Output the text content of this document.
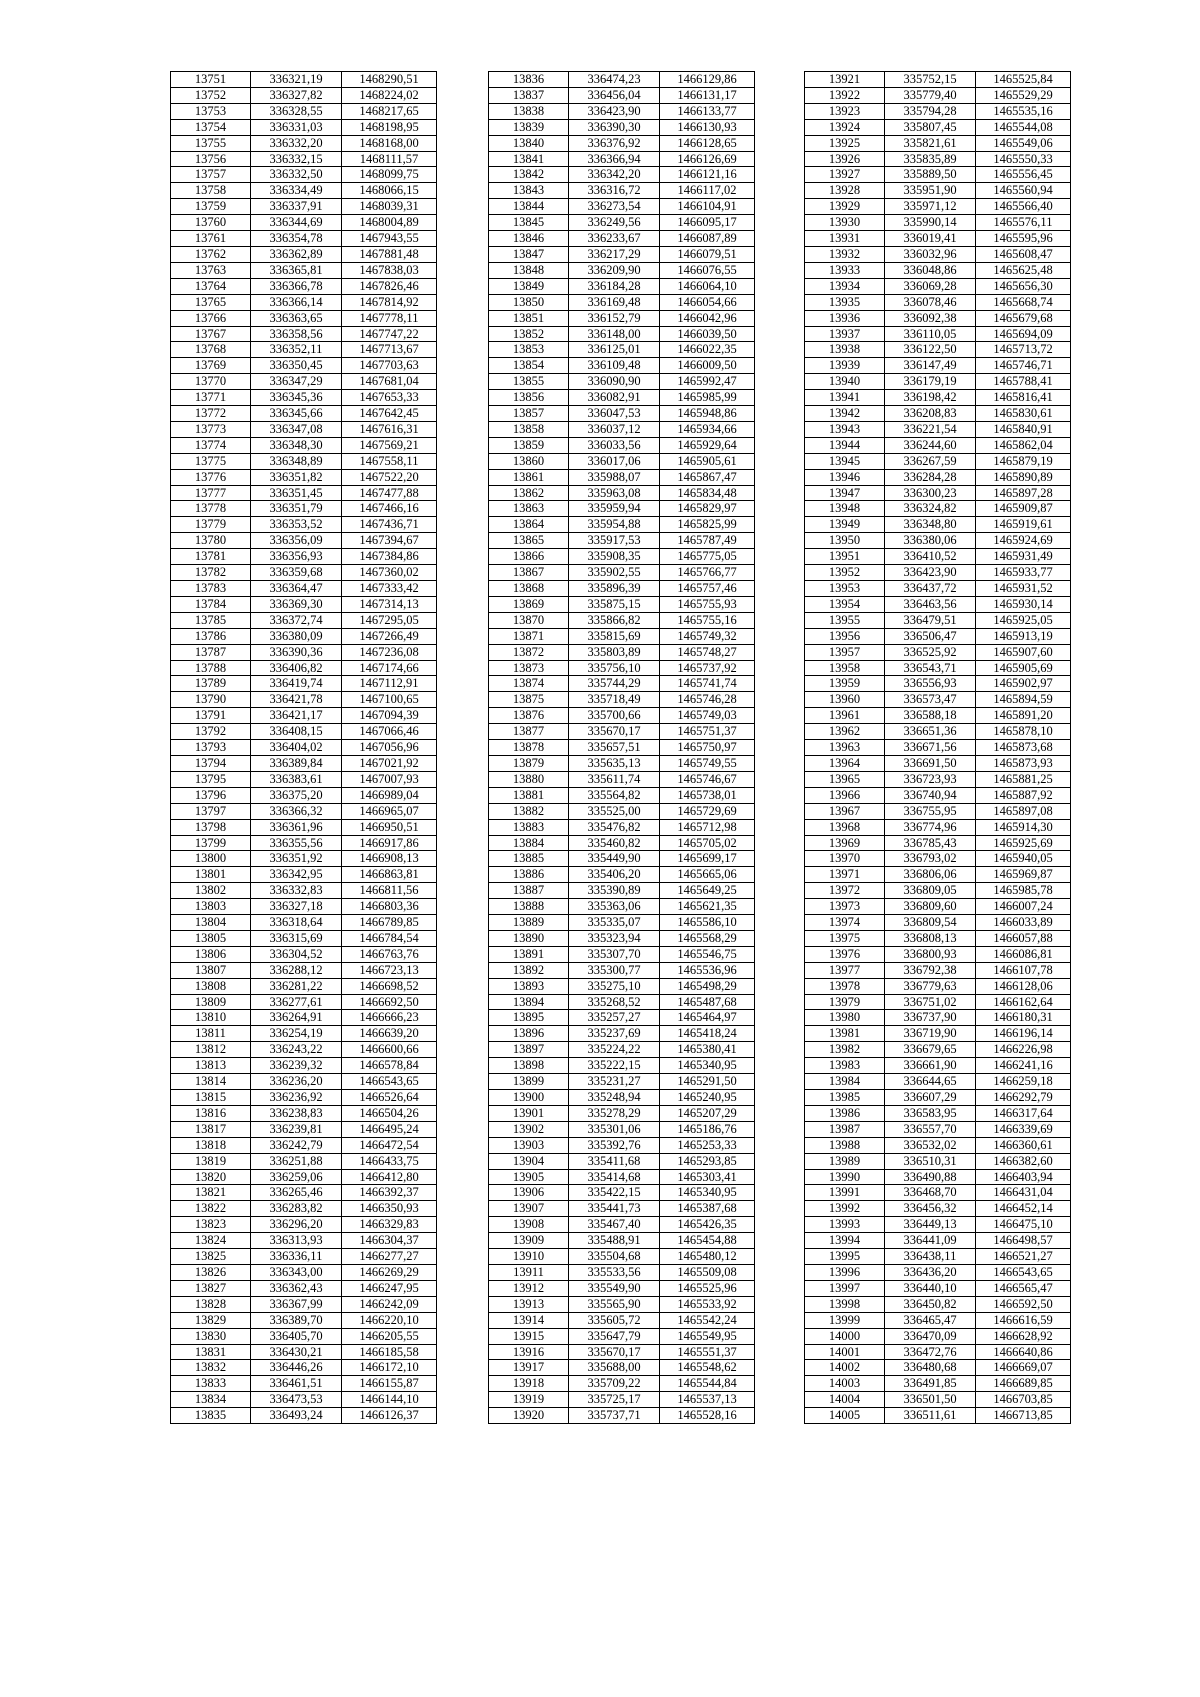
13751	336321,19	1468290,51
13752	336327,82	1468224,02
13753	336328,55	1468217,65
13754	336331,03	1468198,95
13755	336332,20	1468168,00
13756	336332,15	1468111,57
13757	336332,50	1468099,75
13758	336334,49	1468066,15
13759	336337,91	1468039,31
13760	336344,69	1468004,89
13761	336354,78	1467943,55
13762	336362,89	1467881,48
13763	336365,81	1467838,03
13764	336366,78	1467826,46
13765	336366,14	1467814,92
13766	336363,65	1467778,11
13767	336358,56	1467747,22
13768	336352,11	1467713,67
13769	336350,45	1467703,63
13770	336347,29	1467681,04
13771	336345,36	1467653,33
13772	336345,66	1467642,45
13773	336347,08	1467616,31
13774	336348,30	1467569,21
13775	336348,89	1467558,11
13776	336351,82	1467522,20
13777	336351,45	1467477,88
13778	336351,79	1467466,16
13779	336353,52	1467436,71
13780	336356,09	1467394,67
13781	336356,93	1467384,86
13782	336359,68	1467360,02
13783	336364,47	1467333,42
13784	336369,30	1467314,13
13785	336372,74	1467295,05
13786	336380,09	1467266,49
13787	336390,36	1467236,08
13788	336406,82	1467174,66
13789	336419,74	1467112,91
13790	336421,78	1467100,65
13791	336421,17	1467094,39
13792	336408,15	1467066,46
13793	336404,02	1467056,96
13794	336389,84	1467021,92
13795	336383,61	1467007,93
13796	336375,20	1466989,04
13797	336366,32	1466965,07
13798	336361,96	1466950,51
13799	336355,56	1466917,86
13800	336351,92	1466908,13
13801	336342,95	1466863,81
13802	336332,83	1466811,56
13803	336327,18	1466803,36
13804	336318,64	1466789,85
13805	336315,69	1466784,54
13806	336304,52	1466763,76
13807	336288,12	1466723,13
13808	336281,22	1466698,52
13809	336277,61	1466692,50
13810	336264,91	1466666,23
13811	336254,19	1466639,20
13812	336243,22	1466600,66
13813	336239,32	1466578,84
13814	336236,20	1466543,65
13815	336236,92	1466526,64
13816	336238,83	1466504,26
13817	336239,81	1466495,24
13818	336242,79	1466472,54
13819	336251,88	1466433,75
13820	336259,06	1466412,80
13821	336265,46	1466392,37
13822	336283,82	1466350,93
13823	336296,20	1466329,83
13824	336313,93	1466304,37
13825	336336,11	1466277,27
13826	336343,00	1466269,29
13827	336362,43	1466247,95
13828	336367,99	1466242,09
13829	336389,70	1466220,10
13830	336405,70	1466205,55
13831	336430,21	1466185,58
13832	336446,26	1466172,10
13833	336461,51	1466155,87
13834	336473,53	1466144,10
13835	336493,24	1466126,37
13836	336474,23	1466129,86
13837	336456,04	1466131,17
13838	336423,90	1466133,77
13839	336390,30	1466130,93
13840	336376,92	1466128,65
13841	336366,94	1466126,69
13842	336342,20	1466121,16
13843	336316,72	1466117,02
13844	336273,54	1466104,91
13845	336249,56	1466095,17
13846	336233,67	1466087,89
13847	336217,29	1466079,51
13848	336209,90	1466076,55
13849	336184,28	1466064,10
13850	336169,48	1466054,66
13851	336152,79	1466042,96
13852	336148,00	1466039,50
13853	336125,01	1466022,35
13854	336109,48	1466009,50
13855	336090,90	1465992,47
13856	336082,91	1465985,99
13857	336047,53	1465948,86
13858	336037,12	1465934,66
13859	336033,56	1465929,64
13860	336017,06	1465905,61
13861	335988,07	1465867,47
13862	335963,08	1465834,48
13863	335959,94	1465829,97
13864	335954,88	1465825,99
13865	335917,53	1465787,49
13866	335908,35	1465775,05
13867	335902,55	1465766,77
13868	335896,39	1465757,46
13869	335875,15	1465755,93
13870	335866,82	1465755,16
13871	335815,69	1465749,32
13872	335803,89	1465748,27
13873	335756,10	1465737,92
13874	335744,29	1465741,74
13875	335718,49	1465746,28
13876	335700,66	1465749,03
13877	335670,17	1465751,37
13878	335657,51	1465750,97
13879	335635,13	1465749,55
13880	335611,74	1465746,67
13881	335564,82	1465738,01
13882	335525,00	1465729,69
13883	335476,82	1465712,98
13884	335460,82	1465705,02
13885	335449,90	1465699,17
13886	335406,20	1465665,06
13887	335390,89	1465649,25
13888	335363,06	1465621,35
13889	335335,07	1465586,10
13890	335323,94	1465568,29
13891	335307,70	1465546,75
13892	335300,77	1465536,96
13893	335275,10	1465498,29
13894	335268,52	1465487,68
13895	335257,27	1465464,97
13896	335237,69	1465418,24
13897	335224,22	1465380,41
13898	335222,15	1465340,95
13899	335231,27	1465291,50
13900	335248,94	1465240,95
13901	335278,29	1465207,29
13902	335301,06	1465186,76
13903	335392,76	1465253,33
13904	335411,68	1465293,85
13905	335414,68	1465303,41
13906	335422,15	1465340,95
13907	335441,73	1465387,68
13908	335467,40	1465426,35
13909	335488,91	1465454,88
13910	335504,68	1465480,12
13911	335533,56	1465509,08
13912	335549,90	1465525,96
13913	335565,90	1465533,92
13914	335605,72	1465542,24
13915	335647,79	1465549,95
13916	335670,17	1465551,37
13917	335688,00	1465548,62
13918	335709,22	1465544,84
13919	335725,17	1465537,13
13920	335737,71	1465528,16
13921	335752,15	1465525,84
13922	335779,40	1465529,29
13923	335794,28	1465535,16
13924	335807,45	1465544,08
13925	335821,61	1465549,06
13926	335835,89	1465550,33
13927	335889,50	1465556,45
13928	335951,90	1465560,94
13929	335971,12	1465566,40
13930	335990,14	1465576,11
13931	336019,41	1465595,96
13932	336032,96	1465608,47
13933	336048,86	1465625,48
13934	336069,28	1465656,30
13935	336078,46	1465668,74
13936	336092,38	1465679,68
13937	336110,05	1465694,09
13938	336122,50	1465713,72
13939	336147,49	1465746,71
13940	336179,19	1465788,41
13941	336198,42	1465816,41
13942	336208,83	1465830,61
13943	336221,54	1465840,91
13944	336244,60	1465862,04
13945	336267,59	1465879,19
13946	336284,28	1465890,89
13947	336300,23	1465897,28
13948	336324,82	1465909,87
13949	336348,80	1465919,61
13950	336380,06	1465924,69
13951	336410,52	1465931,49
13952	336423,90	1465933,77
13953	336437,72	1465931,52
13954	336463,56	1465930,14
13955	336479,51	1465925,05
13956	336506,47	1465913,19
13957	336525,92	1465907,60
13958	336543,71	1465905,69
13959	336556,93	1465902,97
13960	336573,47	1465894,59
13961	336588,18	1465891,20
13962	336651,36	1465878,10
13963	336671,56	1465873,68
13964	336691,50	1465873,93
13965	336723,93	1465881,25
13966	336740,94	1465887,92
13967	336755,95	1465897,08
13968	336774,96	1465914,30
13969	336785,43	1465925,69
13970	336793,02	1465940,05
13971	336806,06	1465969,87
13972	336809,05	1465985,78
13973	336809,60	1466007,24
13974	336809,54	1466033,89
13975	336808,13	1466057,88
13976	336800,93	1466086,81
13977	336792,38	1466107,78
13978	336779,63	1466128,06
13979	336751,02	1466162,64
13980	336737,90	1466180,31
13981	336719,90	1466196,14
13982	336679,65	1466226,98
13983	336661,90	1466241,16
13984	336644,65	1466259,18
13985	336607,29	1466292,79
13986	336583,95	1466317,64
13987	336557,70	1466339,69
13988	336532,02	1466360,61
13989	336510,31	1466382,60
13990	336490,88	1466403,94
13991	336468,70	1466431,04
13992	336456,32	1466452,14
13993	336449,13	1466475,10
13994	336441,09	1466498,57
13995	336438,11	1466521,27
13996	336436,20	1466543,65
13997	336440,10	1466565,47
13998	336450,82	1466592,50
13999	336465,47	1466616,59
14000	336470,09	1466628,92
14001	336472,76	1466640,86
14002	336480,68	1466669,07
14003	336491,85	1466689,85
14004	336501,50	1466703,85
14005	336511,61	1466713,85
